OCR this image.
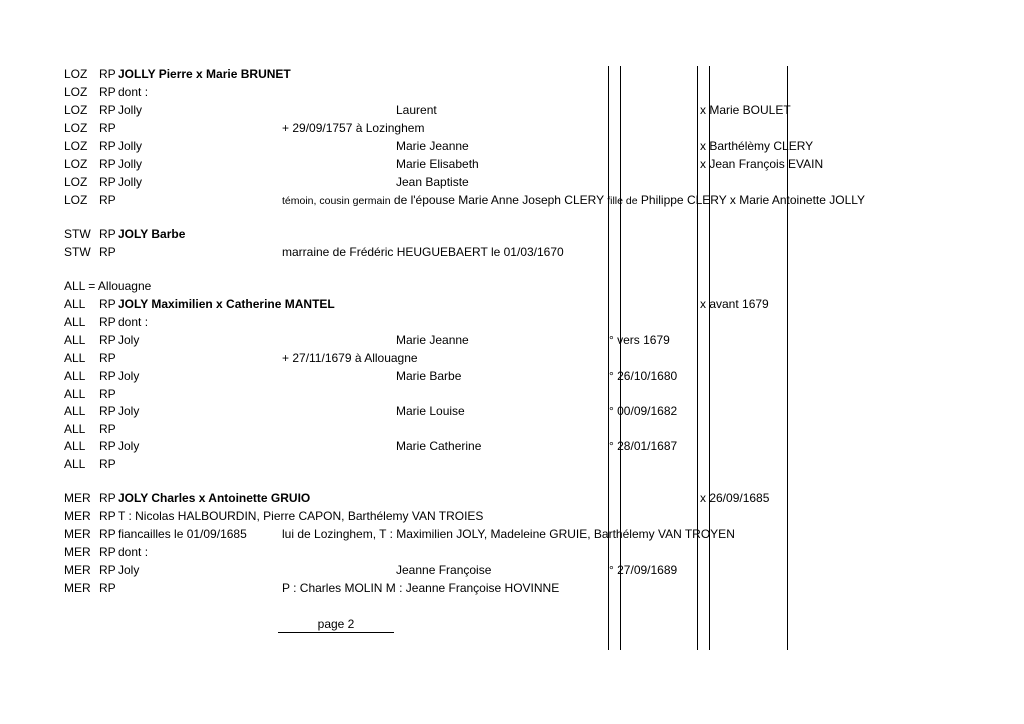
LOZ RP JOLLY Pierre x Marie BRUNET
LOZ RP dont :
LOZ RP Jolly	Laurent	x Marie BOULET
LOZ RP	+ 29/09/1757 à Lozinghem
LOZ RP Jolly	Marie Jeanne	x Barthélèmy CLERY
LOZ RP Jolly	Marie Elisabeth	x Jean François EVAIN
LOZ RP Jolly	Jean Baptiste
LOZ RP	témoin, cousin germain de l'épouse Marie Anne Joseph CLERY fille de Philippe CLERY x Marie Antoinette JOLLY
STW RP JOLY Barbe
STW RP	marraine de Frédéric HEUGUEBAERT le 01/03/1670
ALL = Allouagne
ALL RP JOLY Maximilien x Catherine MANTEL	x avant 1679
ALL RP dont :
ALL RP Joly	Marie Jeanne	° vers 1679
ALL RP	+ 27/11/1679 à Allouagne
ALL RP Joly	Marie Barbe	° 26/10/1680
ALL RP
ALL RP Joly	Marie Louise	° 00/09/1682
ALL RP
ALL RP Joly	Marie Catherine	° 28/01/1687
ALL RP
MER RP JOLY Charles x Antoinette GRUIO	x 26/09/1685
MER RP T : Nicolas HALBOURDIN, Pierre CAPON, Barthélemy VAN TROIES
MER RP fiancailles le 01/09/1685	lui de Lozinghem, T : Maximilien JOLY, Madeleine GRUIE, Barthélemy VAN TROYEN
MER RP dont :
MER RP Joly	Jeanne Françoise	° 27/09/1689
MER RP	P : Charles MOLIN M : Jeanne Françoise HOVINNE
page 2
